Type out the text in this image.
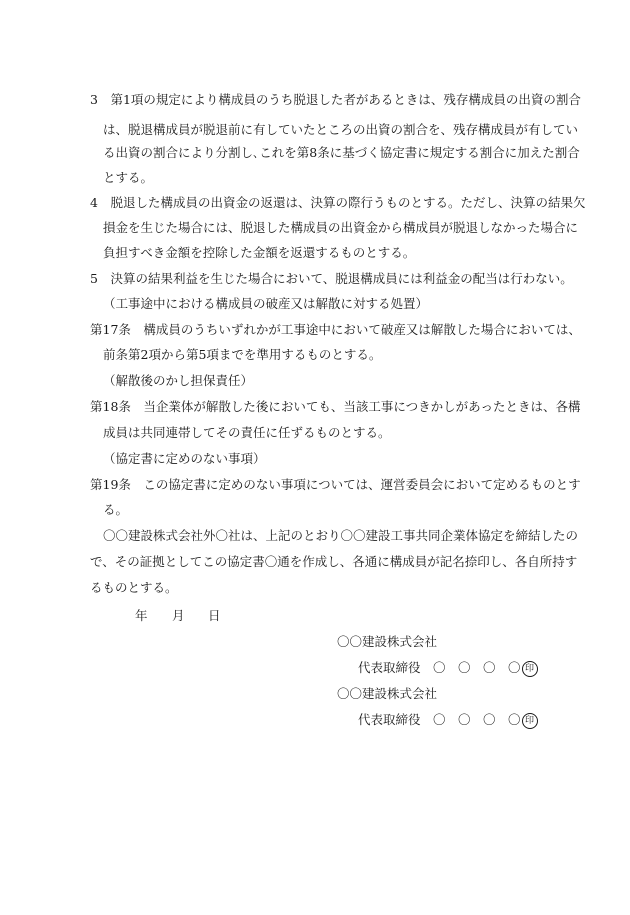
3　第1項の規定により構成員のうち脱退した者があるときは、残存構成員の出資の割合
は、脱退構成員が脱退前に有していたところの出資の割合を、残存構成員が有してい
る出資の割合により分割し､これを第8条に基づく協定書に規定する割合に加えた割合
とする。
4　脱退した構成員の出資金の返還は、決算の際行うものとする。ただし、決算の結果欠
損金を生じた場合には、脱退した構成員の出資金から構成員が脱退しなかった場合に
負担すべき金額を控除した金額を返還するものとする。
5　決算の結果利益を生じた場合において、脱退構成員には利益金の配当は行わない。
（工事途中における構成員の破産又は解散に対する処置）
第17条　構成員のうちいずれかが工事途中において破産又は解散した場合においては、
前条第2項から第5項までを準用するものとする。
（解散後のかし担保責任）
第18条　当企業体が解散した後においても、当該工事につきかしがあったときは、各構
成員は共同連帯してその責任に任ずるものとする。
（協定書に定めのない事項）
第19条　この協定書に定めのない事項については、運営委員会において定めるものとす
る。
〇〇建設株式会社外〇社は、上記のとおり〇〇建設工事共同企業体協定を締結したの
で、その証拠としてこの協定書〇通を作成し、各通に構成員が記名捺印し、各自所持す
るものとする。
年 月 日
〇〇建設株式会社
代表取締役　 〇　〇　〇　〇 印
〇〇建設株式会社
代表取締役　 〇　〇　〇　〇 印
